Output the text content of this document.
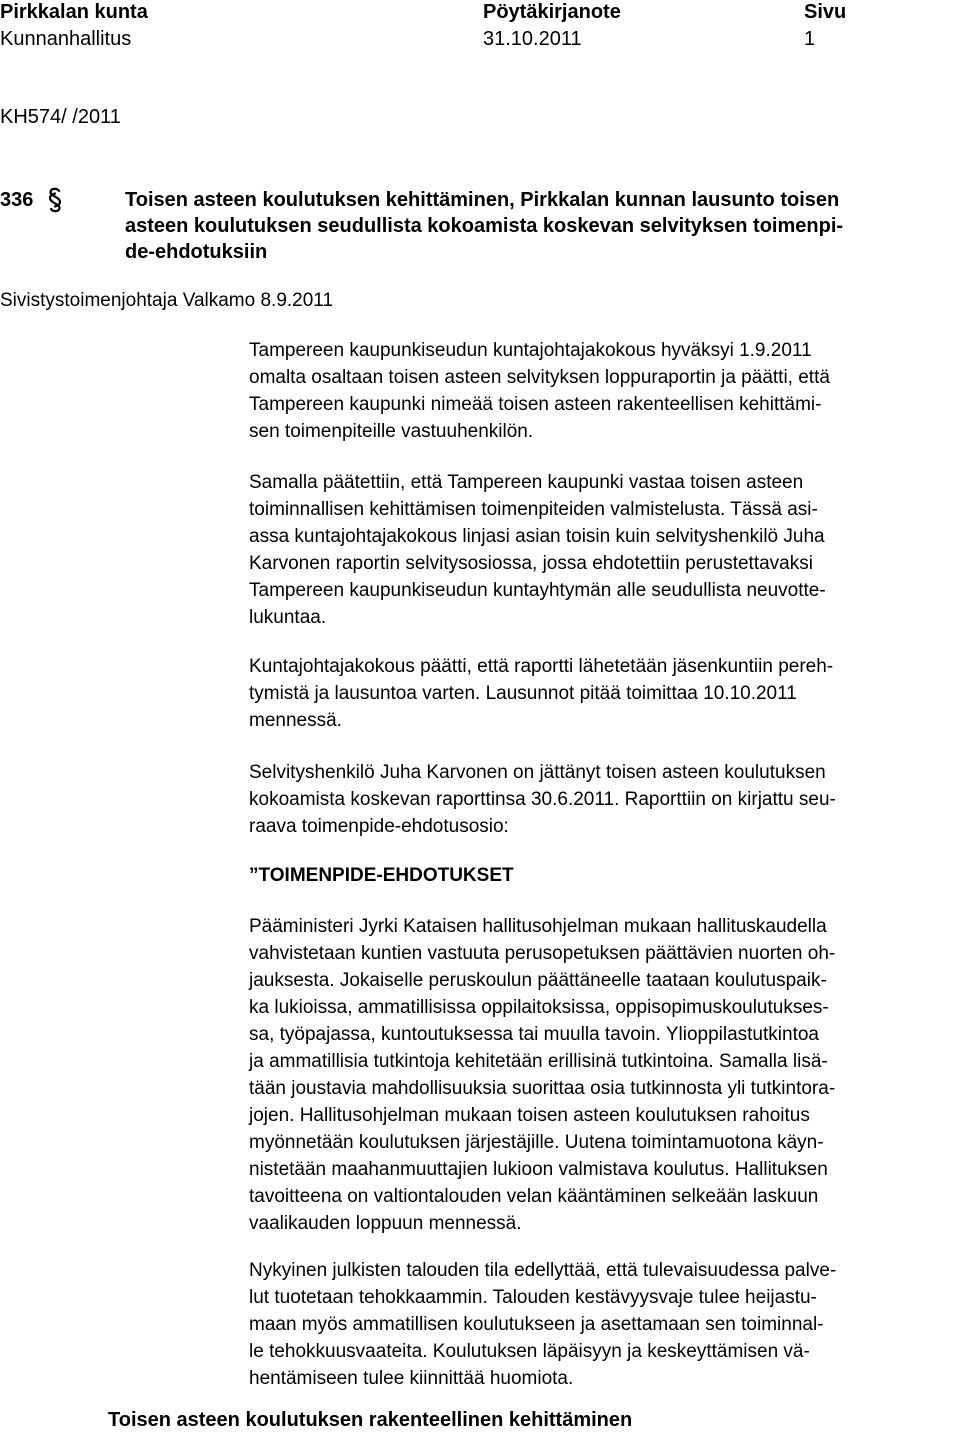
Pirkkalan kunta	Pöytäkirjanote	Sivu
Kunnanhallitus	31.10.2011	1
KH574/ /2011
336	Toisen asteen koulutuksen kehittäminen, Pirkkalan kunnan lausunto toisen
asteen koulutuksen seudullista kokoamista koskevan selvityksen toimenpi-
de-ehdotuksiin
Sivistystoimenjohtaja Valkamo 8.9.2011
Tampereen kaupunkiseudun kuntajohtajakokous hyväksyi 1.9.2011
omalta osaltaan toisen asteen selvityksen loppuraportin ja päätti, että
Tampereen kaupunki nimeää toisen asteen rakenteellisen kehittämi-
sen toimenpiteille vastuuhenkilön.
Samalla päätettiin, että Tampereen kaupunki vastaa toisen asteen
toiminnallisen kehittämisen toimenpiteiden valmistelusta. Tässä asi-
assa kuntajohtajakokous linjasi asian toisin kuin selvityshenkilö Juha
Karvonen raportin selvitysosiossa, jossa ehdotettiin perustettavaksi
Tampereen kaupunkiseudun kuntayhtymän alle seudullista neuvotte-
lukuntaa.
Kuntajohtajakokous päätti, että raportti lähetetään jäsenkuntiin pereh-
tymistä ja lausuntoa varten. Lausunnot pitää toimittaa 10.10.2011
mennessä.
Selvityshenkilö Juha Karvonen on jättänyt toisen asteen koulutuksen
kokoamista koskevan raporttinsa 30.6.2011. Raporttiin on kirjattu seu-
raava toimenpide-ehdotusosio:
”TOIMENPIDE-EHDOTUKSET
Pääministeri Jyrki Kataisen hallitusohjelman mukaan hallituskaudella
vahvistetaan kuntien vastuuta perusopetuksen päättävien nuorten oh-
jauksesta. Jokaiselle peruskoulun päättäneelle taataan koulutuspaik-
ka lukioissa, ammatillisissa oppilaitoksissa, oppisopimuskoulutukses-
sa, työpajassa, kuntoutuksessa tai muulla tavoin. Ylioppilastutkintoa
ja ammatillisia tutkintoja kehitetään erillisinä tutkintoina. Samalla lisä-
tään joustavia mahdollisuuksia suorittaa osia tutkinnosta yli tutkintora-
jojen. Hallitusohjelman mukaan toisen asteen koulutuksen rahoitus
myönnetään koulutuksen järjestäjille. Uutena toimintamuotona käyn-
nistetään maahanmuuttajien lukioon valmistava koulutus. Hallituksen
tavoitteena on valtiontalouden velan kääntäminen selkeään laskuun
vaalikauden loppuun mennessä.
Nykyinen julkisten talouden tila edellyttää, että tulevaisuudessa palve-
lut tuotetaan tehokkaammin. Talouden kestävyysvaje tulee heijastu-
maan myös ammatillisen koulutukseen ja asettamaan sen toiminnal-
le tehokkuusvaateita. Koulutuksen läpäisyyn ja keskeyttämisen vä-
hentämiseen tulee kiinnittää huomiota.
Toisen asteen koulutuksen rakenteellinen kehittäminen
